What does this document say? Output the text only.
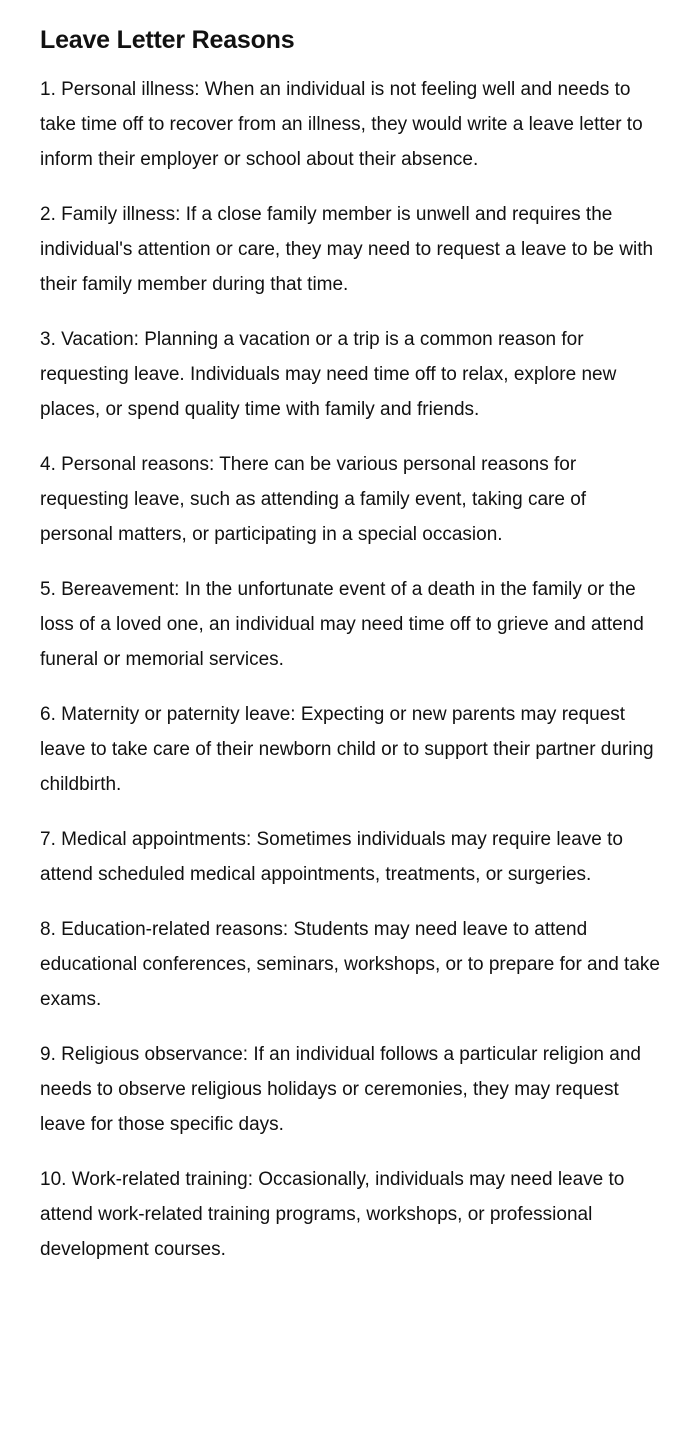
Leave Letter Reasons

1. Personal illness: When an individual is not feeling well and needs to take time off to recover from an illness, they would write a leave letter to inform their employer or school about their absence.

2. Family illness: If a close family member is unwell and requires the individual's attention or care, they may need to request a leave to be with their family member during that time.

3. Vacation: Planning a vacation or a trip is a common reason for requesting leave. Individuals may need time off to relax, explore new places, or spend quality time with family and friends.

4. Personal reasons: There can be various personal reasons for requesting leave, such as attending a family event, taking care of personal matters, or participating in a special occasion.

5. Bereavement: In the unfortunate event of a death in the family or the loss of a loved one, an individual may need time off to grieve and attend funeral or memorial services.

6. Maternity or paternity leave: Expecting or new parents may request leave to take care of their newborn child or to support their partner during childbirth.

7. Medical appointments: Sometimes individuals may require leave to attend scheduled medical appointments, treatments, or surgeries.

8. Education-related reasons: Students may need leave to attend educational conferences, seminars, workshops, or to prepare for and take exams.

9. Religious observance: If an individual follows a particular religion and needs to observe religious holidays or ceremonies, they may request leave for those specific days.

10. Work-related training: Occasionally, individuals may need leave to attend work-related training programs, workshops, or professional development courses.
